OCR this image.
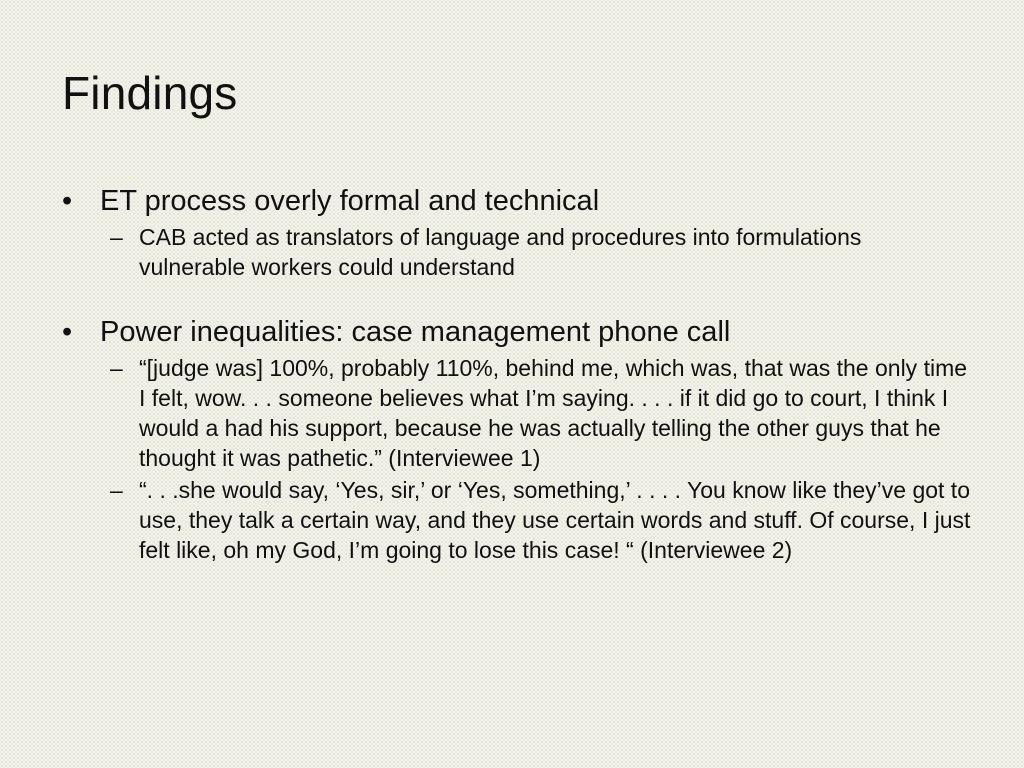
Findings
• ET process overly formal and technical
– CAB acted as translators of language and procedures into formulations vulnerable workers could understand
• Power inequalities: case management phone call
– “[judge was] 100%, probably 110%, behind me, which was, that was the only time I felt, wow. . . someone believes what I’m saying. . . . if it did go to court, I think I would a had his support, because he was actually telling the other guys that he thought it was pathetic.” (Interviewee 1)
– “. . .she would say, ‘Yes, sir,’ or ‘Yes, something,’ . . . . You know like they’ve got to use, they talk a certain way, and they use certain words and stuff. Of course, I just felt like, oh my God, I’m going to lose this case! “ (Interviewee 2)
